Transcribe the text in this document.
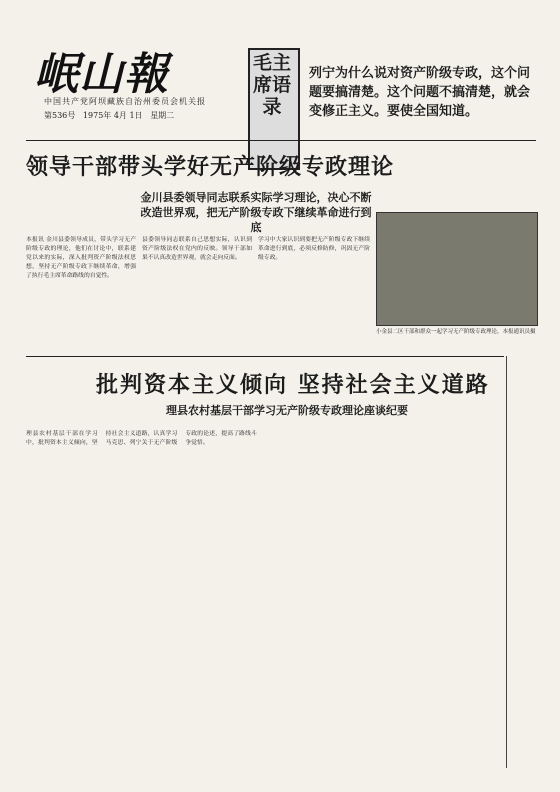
岷山報
中国共产党阿坝藏族自治州委员会机关报
第536号 1975年 4月 1日 星期二
毛主席语录
列宁为什么说对资产阶级专政，这个问题要搞清楚。这个问题不搞清楚，就会变修正主义。要使全国知道。
领导干部带头学好无产阶级专政理论
金川县委领导同志联系实际学习理论，决心不断改造世界观，把无产阶级专政下继续革命进行到底
本报讯 金川县委领导成员，带头学习无产阶级专政的理论，他们在讨论中，联系建党以来的实际，深入批判资产阶级法权思想，坚持无产阶级专政下继续革命，增强了执行毛主席革命路线的自觉性。
县委领导同志联系自己思想实际，认识到资产阶级法权在党内的反映。领导干部如果不认真改造世界观，就会走向反面。
学习中大家认识到要把无产阶级专政下继续革命进行到底，必须反修防修，巩固无产阶级专政。
小金县二区干部和群众一起学习无产阶级专政理论，本报通讯员摄
批判资本主义倾向 坚持社会主义道路
理县农村基层干部学习无产阶级专政理论座谈纪要
理县农村基层干部在学习中，批判资本主义倾向，坚持社会主义道路，认真学习马克思、列宁关于无产阶级专政的论述，提高了路线斗争觉悟。
